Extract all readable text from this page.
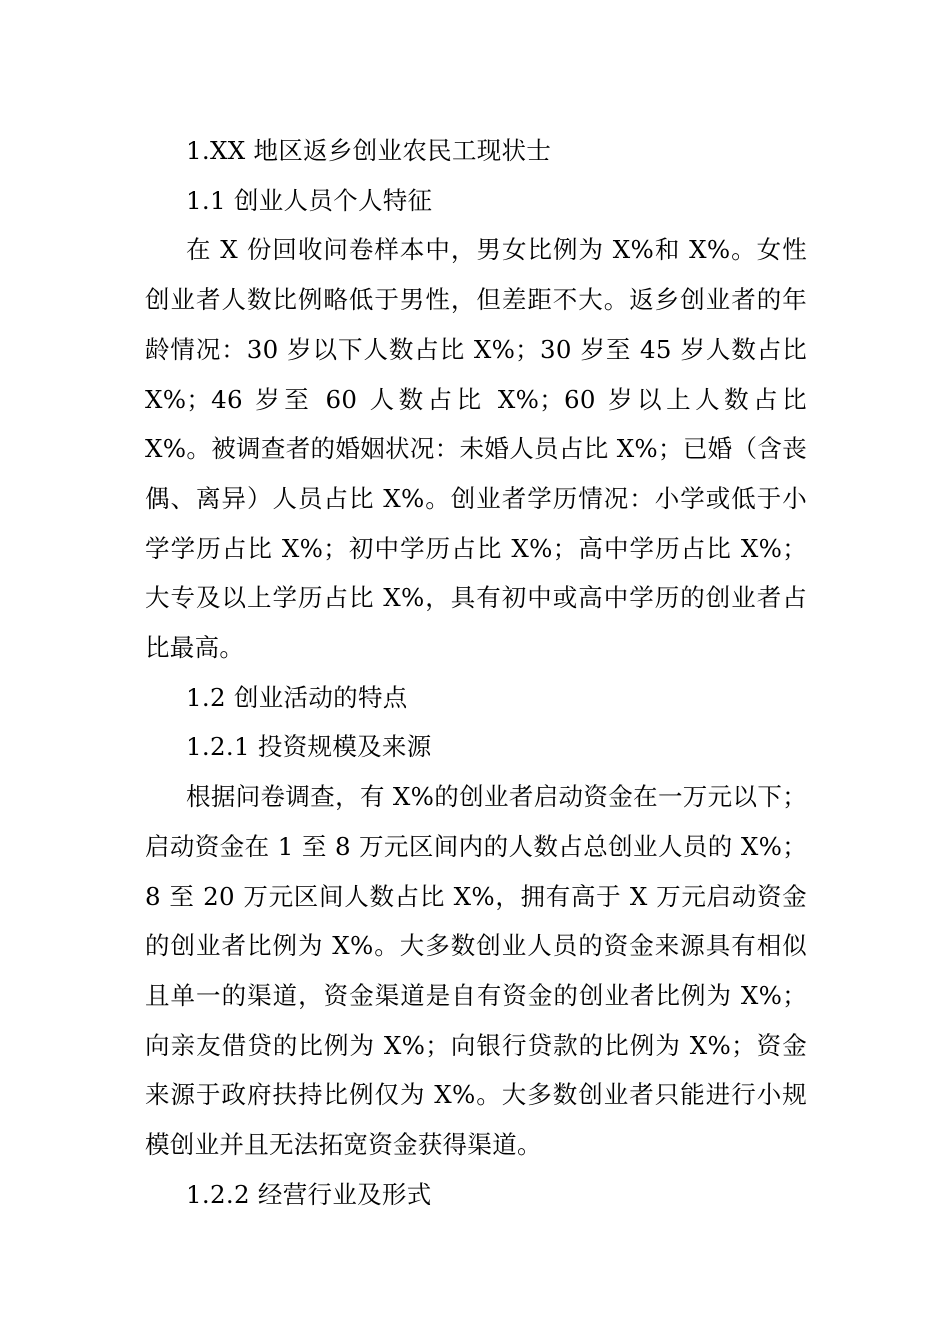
1.XX 地区返乡创业农民工现状士

1.1 创业人员个人特征

在 X 份回收问卷样本中，男女比例为 X%和 X%。女性创业者人数比例略低于男性，但差距不大。返乡创业者的年龄情况：30 岁以下人数占比 X%；30 岁至 45 岁人数占比 X%；46 岁至 60 人数占比 X%；60 岁以上人数占比 X%。被调查者的婚姻状况：未婚人员占比 X%；已婚（含丧偶、离异）人员占比 X%。创业者学历情况：小学或低于小学学历占比 X%；初中学历占比 X%；高中学历占比 X%；大专及以上学历占比 X%，具有初中或高中学历的创业者占比最高。

1.2 创业活动的特点

1.2.1 投资规模及来源

根据问卷调查，有 X%的创业者启动资金在一万元以下；启动资金在 1 至 8 万元区间内的人数占总创业人员的 X%；8 至 20 万元区间人数占比 X%，拥有高于 X 万元启动资金的创业者比例为 X%。大多数创业人员的资金来源具有相似且单一的渠道，资金渠道是自有资金的创业者比例为 X%；向亲友借贷的比例为 X%；向银行贷款的比例为 X%；资金来源于政府扶持比例仅为 X%。大多数创业者只能进行小规模创业并且无法拓宽资金获得渠道。

1.2.2 经营行业及形式
